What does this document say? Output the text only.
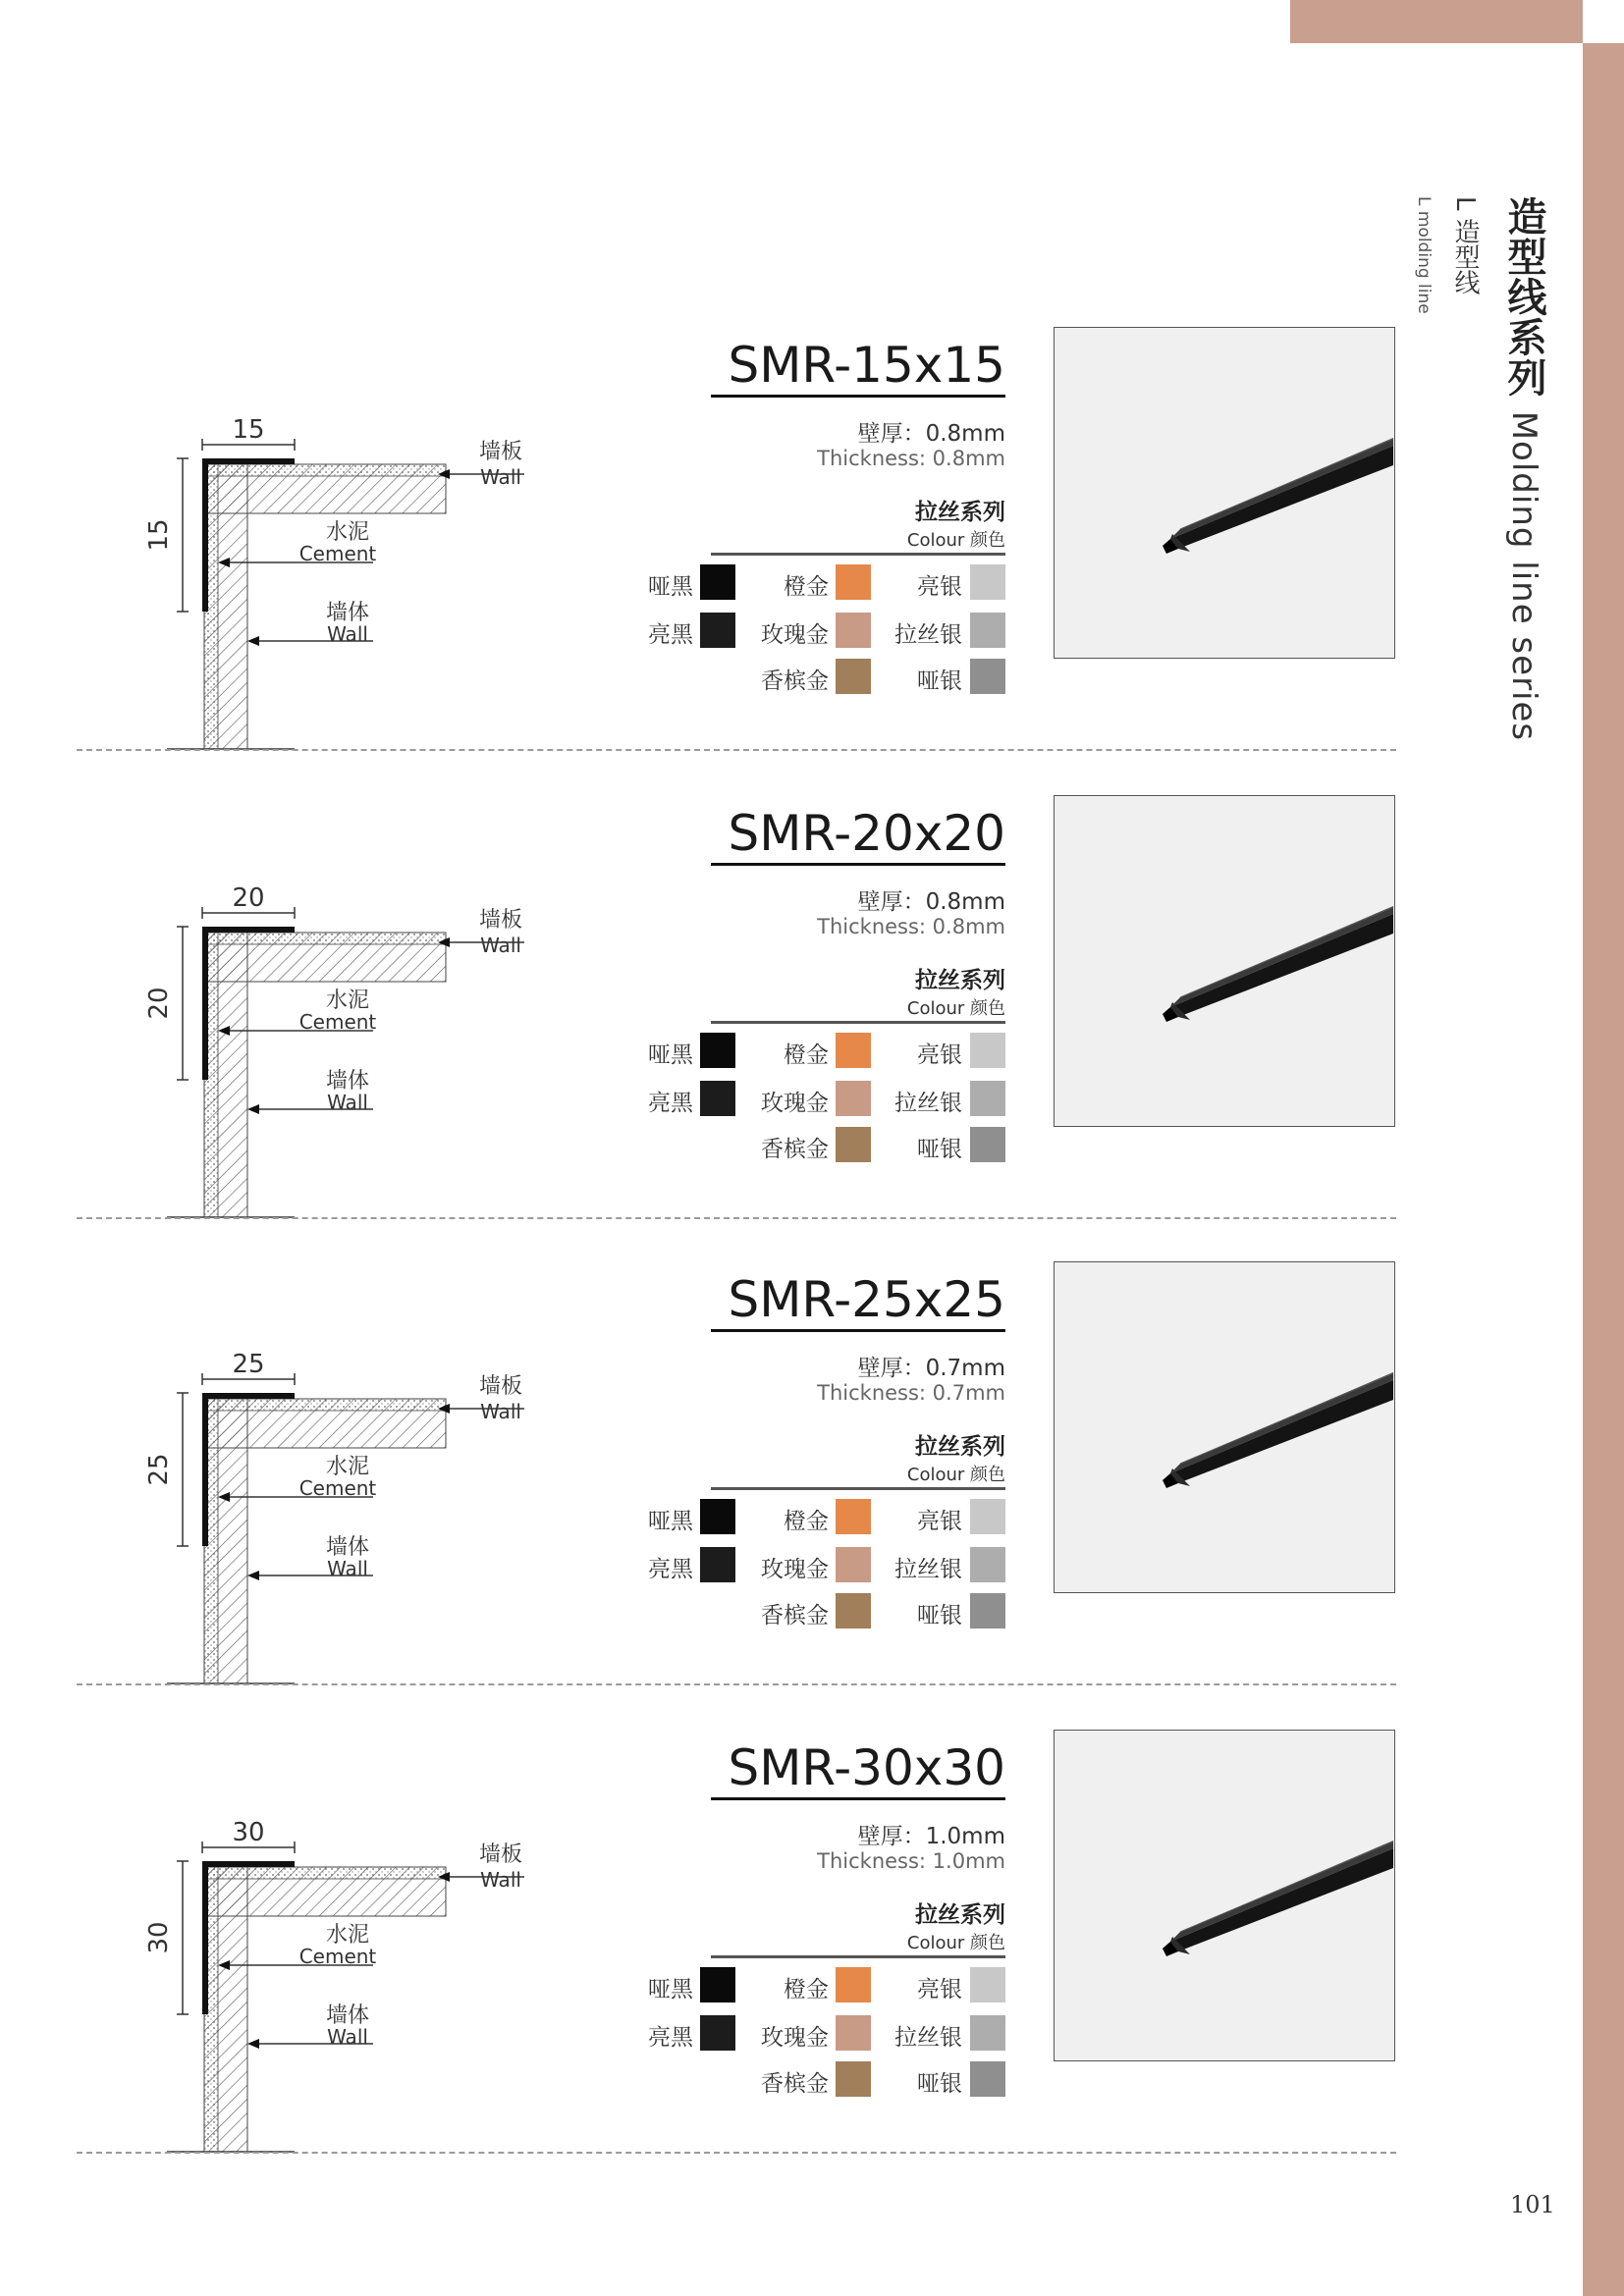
造型线系列 Molding line series
L 造型线
L molding line
101
SMR-15x15
壁厚：0.8mm
Thickness: 0.8mm
拉丝系列
Colour 颜色
哑黑
亮黑
橙金
玫瑰金
香槟金
亮银
拉丝银
哑银
15
15
墙板
Wall
水泥
Cement
墙体
Wall
SMR-20x20
壁厚：0.8mm
Thickness: 0.8mm
拉丝系列
Colour 颜色
哑黑
亮黑
橙金
玫瑰金
香槟金
亮银
拉丝银
哑银
20
20
墙板
Wall
水泥
Cement
墙体
Wall
SMR-25x25
壁厚：0.7mm
Thickness: 0.7mm
拉丝系列
Colour 颜色
哑黑
亮黑
橙金
玫瑰金
香槟金
亮银
拉丝银
哑银
25
25
墙板
Wall
水泥
Cement
墙体
Wall
SMR-30x30
壁厚：1.0mm
Thickness: 1.0mm
拉丝系列
Colour 颜色
哑黑
亮黑
橙金
玫瑰金
香槟金
亮银
拉丝银
哑银
30
30
墙板
Wall
水泥
Cement
墙体
Wall
